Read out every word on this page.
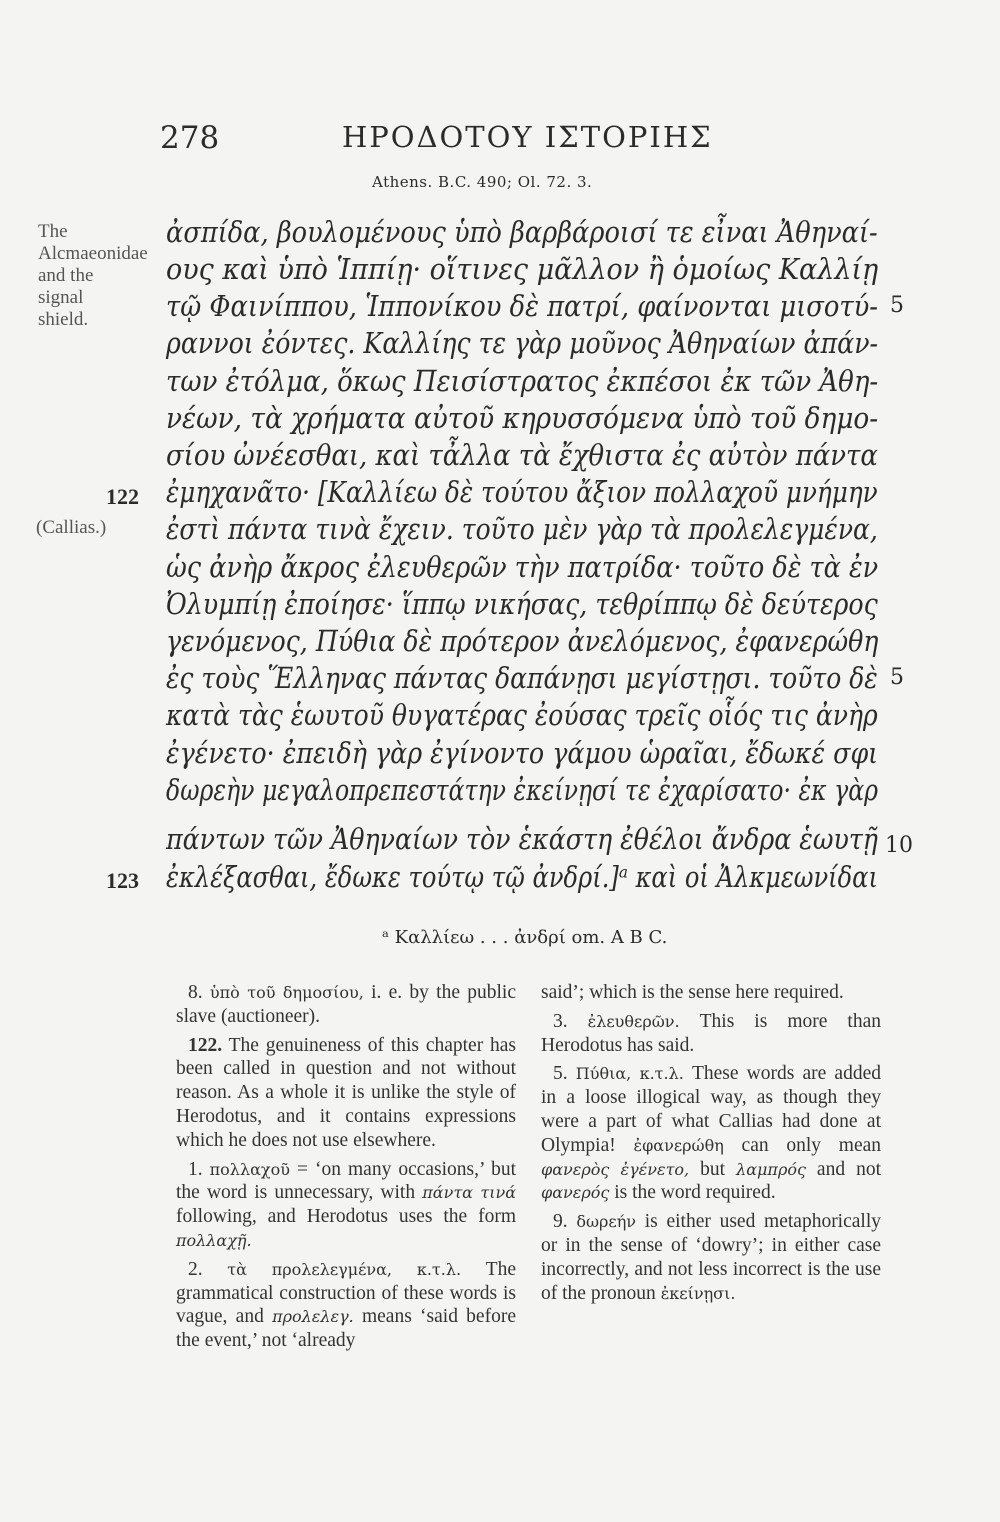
278	ΗΡΟΔΟΤΟΥ ΙΣΤΟΡΙΗΣ
Athens. B.C. 490; Ol. 72. 3.
The Alcmaeonidae and the signal shield.
122
(Callias.)
123
5
5
10
ἀσπίδα, βουλομένους ὑπὸ βαρβάροισί τε εἶναι Ἀθηναί-
ους καὶ ὑπὸ Ἱππίῃ· οἵτινες μᾶλλον ἢ ὁμοίως Καλλίῃ
τῷ Φαινίππου, Ἱππονίκου δὲ πατρί, φαίνονται μισοτύ-
ραννοι ἐόντες. Καλλίης τε γὰρ μοῦνος Ἀθηναίων ἀπάν-
των ἐτόλμα, ὅκως Πεισίστρατος ἐκπέσοι ἐκ τῶν Ἀθη-
νέων, τὰ χρήματα αὐτοῦ κηρυσσόμενα ὑπὸ τοῦ δημο-
σίου ὠνέεσθαι, καὶ τἆλλα τὰ ἔχθιστα ἐς αὐτὸν πάντα
ἐμηχανᾶτο· [Καλλίεω δὲ τούτου ἄξιον πολλαχοῦ μνήμην
ἐστὶ πάντα τινὰ ἔχειν. τοῦτο μὲν γὰρ τὰ προλελεγμένα,
ὡς ἀνὴρ ἄκρος ἐλευθερῶν τὴν πατρίδα· τοῦτο δὲ τὰ ἐν
Ὀλυμπίῃ ἐποίησε· ἵππῳ νικήσας, τεθρίππῳ δὲ δεύτερος
γενόμενος, Πύθια δὲ πρότερον ἀνελόμενος, ἐφανερώθη
ἐς τοὺς Ἕλληνας πάντας δαπάνῃσι μεγίστῃσι. τοῦτο δὲ
κατὰ τὰς ἑωυτοῦ θυγατέρας ἐούσας τρεῖς οἷός τις ἀνὴρ
ἐγένετο· ἐπειδὴ γὰρ ἐγίνοντο γάμου ὡραῖαι, ἔδωκέ σφι
δωρεὴν μεγαλοπρεπεστάτην ἐκείνῃσί τε ἐχαρίσατο· ἐκ γὰρ
πάντων τῶν Ἀθηναίων τὸν ἑκάστη ἐθέλοι ἄνδρα ἑωυτῇ
ἐκλέξασθαι, ἔδωκε τούτῳ τῷ ἀνδρί.]ᵃ καὶ οἱ Ἀλκμεωνίδαι
ᵃ Καλλίεω . . . ἀνδρί om. A B C.

8. ὑπὸ τοῦ δημοσίου, i. e. by the public slave (auctioneer).

122. The genuineness of this chapter has been called in question and not without reason. As a whole it is unlike the style of Herodotus, and it contains expressions which he does not use elsewhere.

1. πολλαχοῦ = ‘on many occasions,’ but the word is unnecessary, with πάντα τινά following, and Herodotus uses the form πολλαχῇ.

2. τὰ προλελεγμένα, κ.τ.λ. The grammatical construction of these words is vague, and προλελεγ. means ‘said before the event,’ not ‘already

said’; which is the sense here required.

3. ἐλευθερῶν. This is more than Herodotus has said.

5. Πύθια, κ.τ.λ. These words are added in a loose illogical way, as though they were a part of what Callias had done at Olympia! ἐφανερώθη can only mean φανερὸς ἐγένετο, but λαμπρός and not φανερός is the word required.

9. δωρεήν is either used metaphorically or in the sense of ‘dowry’; in either case incorrectly, and not less incorrect is the use of the pronoun ἐκείνῃσι.
